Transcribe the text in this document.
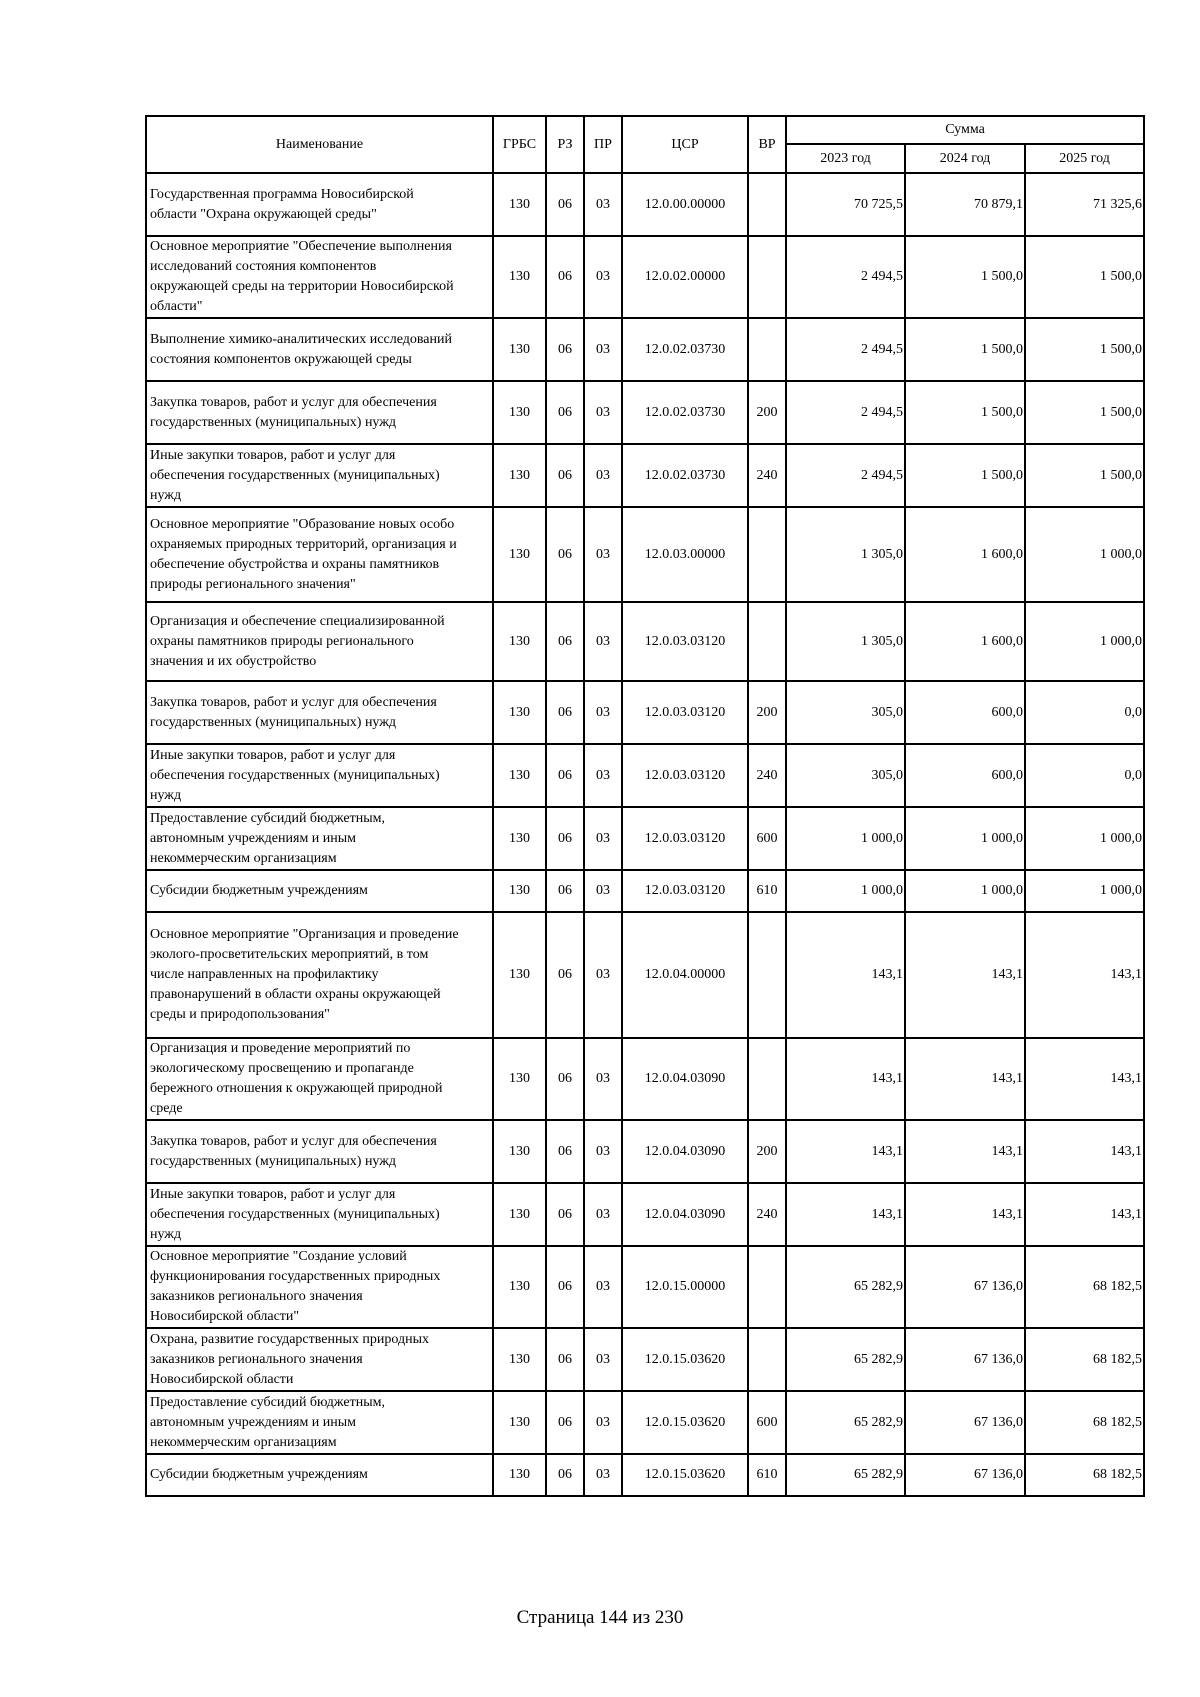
Наименование	ГРБС	РЗ	ПР	ЦСР	ВР	Сумма		
						2023 год	2024 год	2025 год
Государственная программа Новосибирской
области "Охрана окружающей среды"	130	06	03	12.0.00.00000		70 725,5	70 879,1	71 325,6
Основное мероприятие "Обеспечение выполнения
исследований состояния компонентов
окружающей среды на территории Новосибирской
области"	130	06	03	12.0.02.00000		2 494,5	1 500,0	1 500,0
Выполнение химико-аналитических исследований
состояния компонентов окружающей среды	130	06	03	12.0.02.03730		2 494,5	1 500,0	1 500,0
Закупка товаров, работ и услуг для обеспечения
государственных (муниципальных) нужд	130	06	03	12.0.02.03730	200	2 494,5	1 500,0	1 500,0
Иные закупки товаров, работ и услуг для
обеспечения государственных (муниципальных)
нужд	130	06	03	12.0.02.03730	240	2 494,5	1 500,0	1 500,0
Основное мероприятие "Образование новых особо
охраняемых природных территорий, организация и
обеспечение обустройства и охраны памятников
природы регионального значения"	130	06	03	12.0.03.00000		1 305,0	1 600,0	1 000,0
Организация и обеспечение специализированной
охраны памятников природы регионального
значения и их обустройство	130	06	03	12.0.03.03120		1 305,0	1 600,0	1 000,0
Закупка товаров, работ и услуг для обеспечения
государственных (муниципальных) нужд	130	06	03	12.0.03.03120	200	305,0	600,0	0,0
Иные закупки товаров, работ и услуг для
обеспечения государственных (муниципальных)
нужд	130	06	03	12.0.03.03120	240	305,0	600,0	0,0
Предоставление субсидий бюджетным,
автономным учреждениям и иным
некоммерческим организациям	130	06	03	12.0.03.03120	600	1 000,0	1 000,0	1 000,0
Субсидии бюджетным учреждениям	130	06	03	12.0.03.03120	610	1 000,0	1 000,0	1 000,0
Основное мероприятие "Организация и проведение
эколого-просветительских мероприятий, в том
числе направленных на профилактику
правонарушений в области охраны окружающей
среды и природопользования"	130	06	03	12.0.04.00000		143,1	143,1	143,1
Организация и проведение мероприятий по
экологическому просвещению и пропаганде
бережного отношения к окружающей природной
среде	130	06	03	12.0.04.03090		143,1	143,1	143,1
Закупка товаров, работ и услуг для обеспечения
государственных (муниципальных) нужд	130	06	03	12.0.04.03090	200	143,1	143,1	143,1
Иные закупки товаров, работ и услуг для
обеспечения государственных (муниципальных)
нужд	130	06	03	12.0.04.03090	240	143,1	143,1	143,1
Основное мероприятие "Создание условий
функционирования государственных природных
заказников регионального значения
Новосибирской области"	130	06	03	12.0.15.00000		65 282,9	67 136,0	68 182,5
Охрана, развитие государственных природных
заказников регионального значения
Новосибирской области	130	06	03	12.0.15.03620		65 282,9	67 136,0	68 182,5
Предоставление субсидий бюджетным,
автономным учреждениям и иным
некоммерческим организациям	130	06	03	12.0.15.03620	600	65 282,9	67 136,0	68 182,5
Субсидии бюджетным учреждениям	130	06	03	12.0.15.03620	610	65 282,9	67 136,0	68 182,5
Страница 144 из 230
